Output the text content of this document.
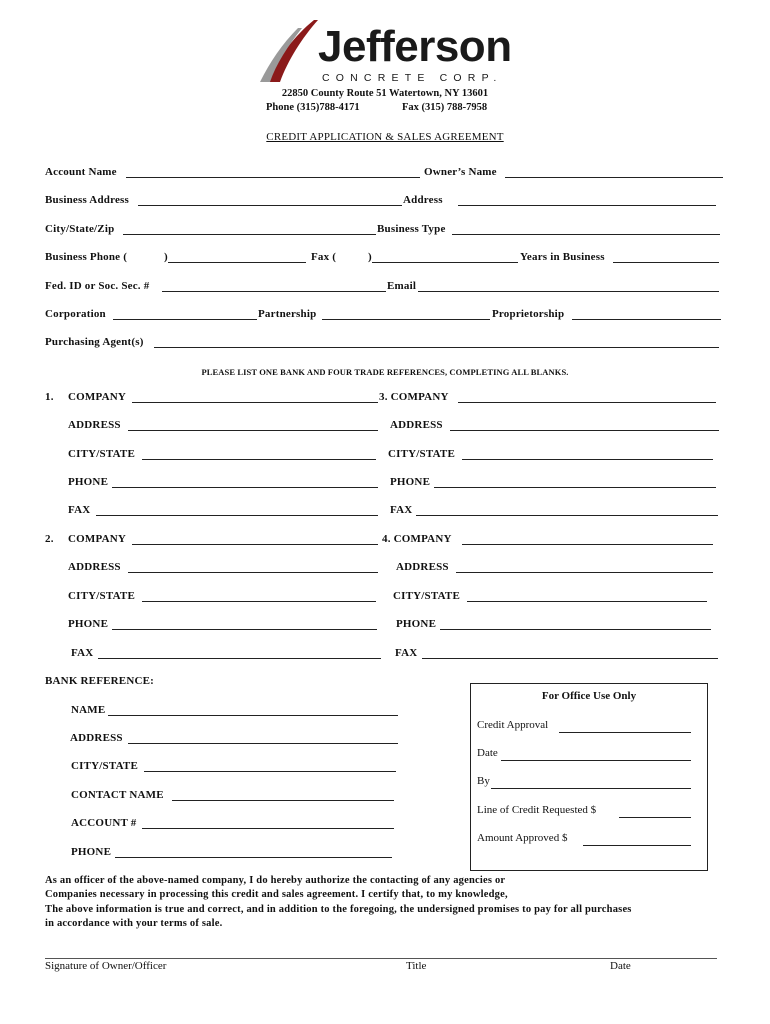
Jefferson
CONCRETE CORP.
22850 County Route 51 Watertown, NY 13601
Phone (315)788-4171	Fax (315) 788-7958
CREDIT APPLICATION & SALES AGREEMENT
Account Name	Owner’s Name
Business Address	Address
City/State/Zip	Business Type
Business Phone (	)	Fax (	)	Years in Business
Fed. ID or Soc. Sec. #	Email
Corporation	Partnership	Proprietorship
Purchasing Agent(s)
PLEASE LIST ONE BANK AND FOUR TRADE REFERENCES, COMPLETING ALL BLANKS.
1. COMPANY	3. COMPANY
ADDRESS	ADDRESS
CITY/STATE	CITY/STATE
PHONE	PHONE
FAX	FAX
2. COMPANY	4. COMPANY
ADDRESS	ADDRESS
CITY/STATE	CITY/STATE
PHONE	PHONE
FAX	FAX
BANK REFERENCE:
NAME
ADDRESS
CITY/STATE
CONTACT NAME
ACCOUNT #
PHONE
For Office Use Only
Credit Approval
Date
By
Line of Credit Requested $
Amount Approved $
As an officer of the above-named company, I do hereby authorize the contacting of any agencies or
Companies necessary in processing this credit and sales agreement. I certify that, to my knowledge,
The above information is true and correct, and in addition to the foregoing, the undersigned promises to pay for all purchases
in accordance with your terms of sale.
Signature of Owner/Officer	Title	Date
